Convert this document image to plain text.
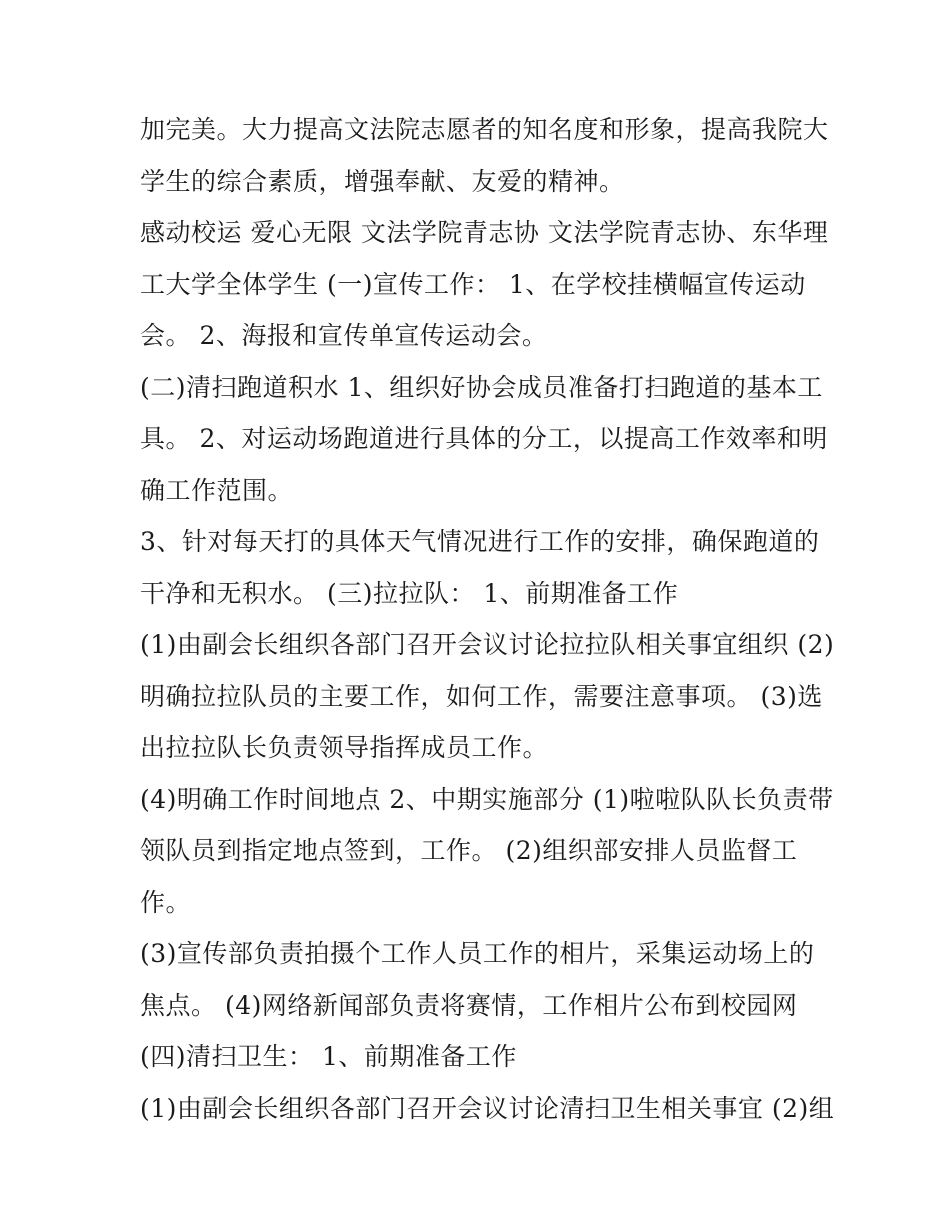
加完美。大力提高文法院志愿者的知名度和形象，提高我院大

学生的综合素质，增强奉献、友爱的精神。

感动校运 爱心无限 文法学院青志协 文法学院青志协、东华理

工大学全体学生 (一)宣传工作： 1、在学校挂横幅宣传运动

会。 2、海报和宣传单宣传运动会。

(二)清扫跑道积水 1、组织好协会成员准备打扫跑道的基本工

具。 2、对运动场跑道进行具体的分工，以提高工作效率和明

确工作范围。

3、针对每天打的具体天气情况进行工作的安排，确保跑道的

干净和无积水。 (三)拉拉队： 1、前期准备工作

(1)由副会长组织各部门召开会议讨论拉拉队相关事宜组织 (2)

明确拉拉队员的主要工作，如何工作，需要注意事项。 (3)选

出拉拉队长负责领导指挥成员工作。

(4)明确工作时间地点 2、中期实施部分 (1)啦啦队队长负责带

领队员到指定地点签到，工作。 (2)组织部安排人员监督工

作。

(3)宣传部负责拍摄个工作人员工作的相片，采集运动场上的

焦点。 (4)网络新闻部负责将赛情，工作相片公布到校园网

(四)清扫卫生： 1、前期准备工作

(1)由副会长组织各部门召开会议讨论清扫卫生相关事宜 (2)组
